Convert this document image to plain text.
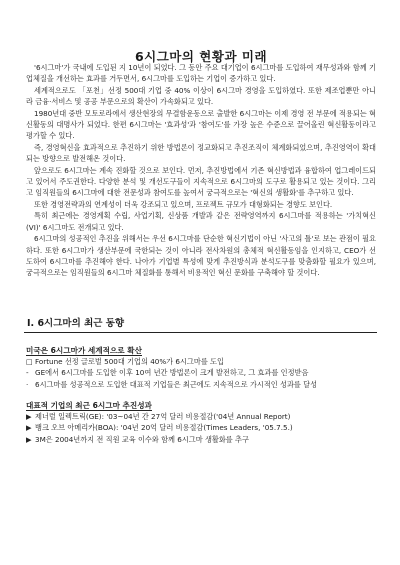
6시그마의 현황과 미래

'6시그마'가 국내에 도입된 지 10년이 되었다. 그 동안 주요 대기업이 6시그마를 도입하여 재무성과와 함께 기업체질을 개선하는 효과를 거두면서, 6시그마를 도입하는 기업이 증가하고 있다.

세계적으로도 「포천」선정 500대 기업 중 40% 이상이 6시그마 경영을 도입하였다. 또한 제조업뿐만 아니라 금융·서비스 및 공공 부문으로의 확산이 가속화되고 있다.

1980년대 중반 모토로라에서 생산현장의 무결함운동으로 출발한 6시그마는 이제 경영 전 부문에 적용되는 혁신활동의 대명사가 되었다. 한편 6시그마는 '효과성'과 '참여도'를 가장 높은 수준으로 끌어올린 혁신활동이라고 평가할 수 있다.

즉, 경영혁신을 효과적으로 추진하기 위한 방법론이 정교화되고 추진조직이 체계화되었으며, 추진영역이 확대되는 방향으로 발전해온 것이다.

앞으로도 6시그마는 계속 진화할 것으로 보인다. 먼저, 추진방법에서 기존 혁신방법과 융합하여 업그레이드되고 있어서 주도권한다. 다양한 분석 및 개선도구들이 지속적으로 6시그마의 도구로 활용되고 있는 것이다. 그리고 임직원들의 6시그마에 대한 전문성과 참여도를 높여서 궁극적으로는 '혁신의 생활화'를 추구하고 있다.

또한 경영전략과의 연계성이 더욱 강조되고 있으며, 프로젝트 규모가 대형화되는 경향도 보인다.

특히 최근에는 경영계획 수립, 사업기획, 신상품 개발과 같은 전략영역까지 6시그마를 적용하는 '가치혁신(VI)' 6시그마도 전개되고 있다.

6시그마의 성공적인 추진을 위해서는 우선 6시그마를 단순한 혁신기법이 아닌 '사고의 틀'로 보는 관점이 필요하다. 또한 6시그마가 생산부문에 국한되는 것이 아니라 전사차원의 총체적 혁신활동임을 인지하고, CEO가 선도하여 6시그마를 추진해야 한다. 나아가 기업별 특성에 맞게 추진방식과 분석도구를 맞춤화할 필요가 있으며, 궁극적으로는 임직원들의 6시그마 체질화를 통해서 비용적인 혁신 문화를 구축해야 할 것이다.

I. 6시그마의 최근 동향
미국은 6시그마가 세계적으로 확산
□ Fortune 선정 글로벌 500대 기업의 40%가 6시그마를 도입
- GE에서 6시그마를 도입한 이후 10여 년간 방법론이 크게 발전하고, 그 효과를 인정받음
· 6시그마를 성공적으로 도입한 대표적 기업들은 최근에도 지속적으로 가시적인 성과를 달성
대표적 기업의 최근 6시그마 추진성과
▶ 제너럴 일렉트릭(GE): '03~04년 간 27억 달러 비용절감('04년 Annual Report)
▶ 뱅크 오브 아메리카(BOA): '04년 20억 달러 비용절감(Times Leaders, '05.7.5.)
▶ 3M은 2004년까지 전 직원 교육 이수와 함께 6시그마 생활화를 추구
